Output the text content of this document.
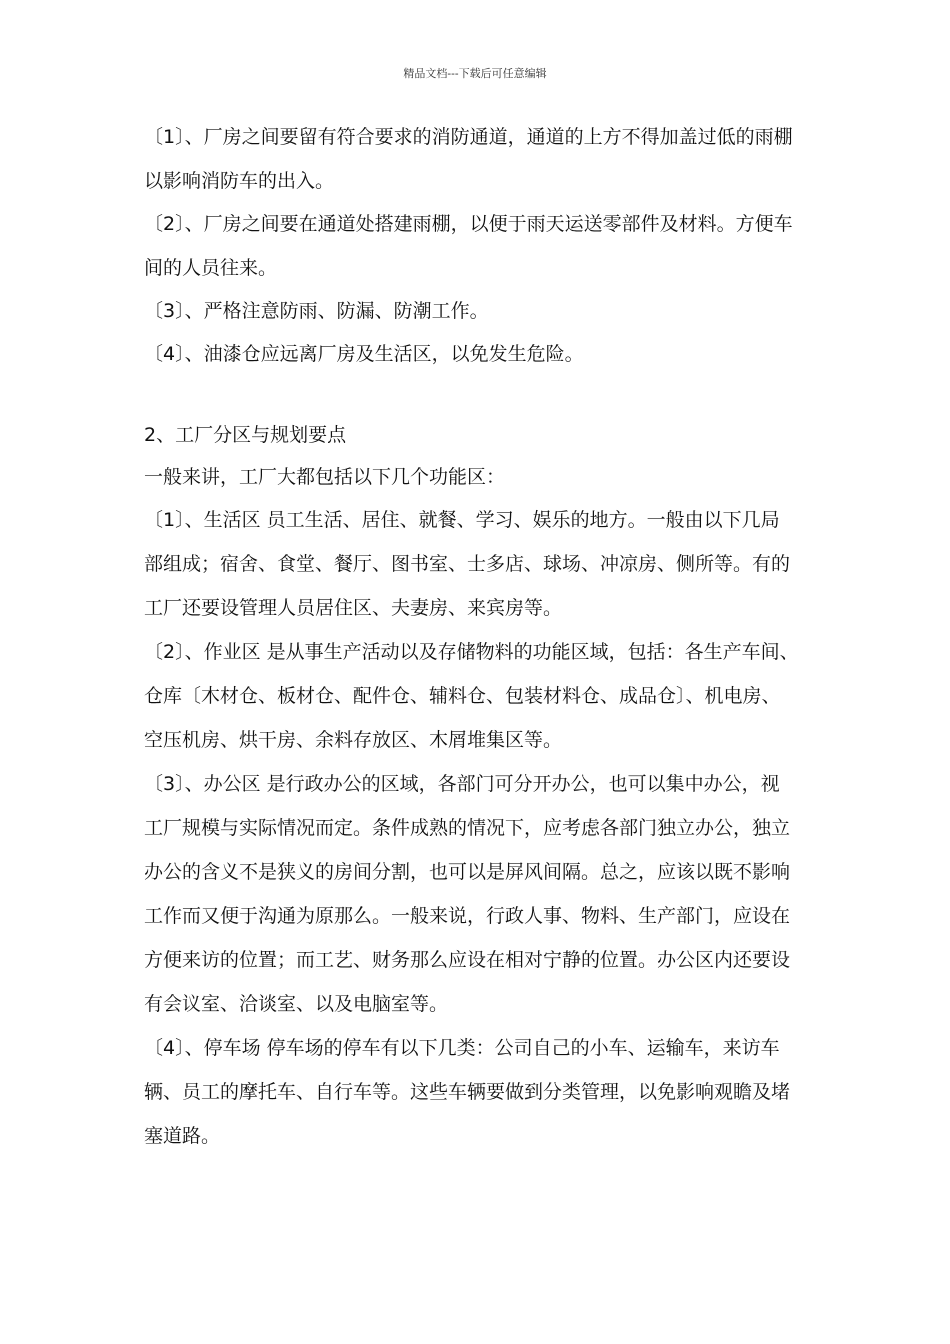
精品文档---下载后可任意编辑
〔1〕、厂房之间要留有符合要求的消防通道，通道的上方不得加盖过低的雨棚
以影响消防车的出入。
〔2〕、厂房之间要在通道处搭建雨棚，以便于雨天运送零部件及材料。方便车
间的人员往来。
〔3〕、严格注意防雨、防漏、防潮工作。
〔4〕、油漆仓应远离厂房及生活区，以免发生危险。
2、工厂分区与规划要点
一般来讲，工厂大都包括以下几个功能区：
〔1〕、生活区 员工生活、居住、就餐、学习、娱乐的地方。一般由以下几局
部组成；宿舍、食堂、餐厅、图书室、士多店、球场、冲凉房、侧所等。有的
工厂还要设管理人员居住区、夫妻房、来宾房等。
〔2〕、作业区 是从事生产活动以及存储物料的功能区域，包括：各生产车间、
仓库〔木材仓、板材仓、配件仓、辅料仓、包装材料仓、成品仓〕、机电房、
空压机房、烘干房、余料存放区、木屑堆集区等。
〔3〕、办公区 是行政办公的区域，各部门可分开办公，也可以集中办公，视
工厂规模与实际情况而定。条件成熟的情况下，应考虑各部门独立办公，独立
办公的含义不是狭义的房间分割，也可以是屏风间隔。总之，应该以既不影响
工作而又便于沟通为原那么。一般来说，行政人事、物料、生产部门，应设在
方便来访的位置；而工艺、财务那么应设在相对宁静的位置。办公区内还要设
有会议室、洽谈室、以及电脑室等。
〔4〕、停车场 停车场的停车有以下几类：公司自己的小车、运输车，来访车
辆、员工的摩托车、自行车等。这些车辆要做到分类管理，以免影响观瞻及堵
塞道路。
